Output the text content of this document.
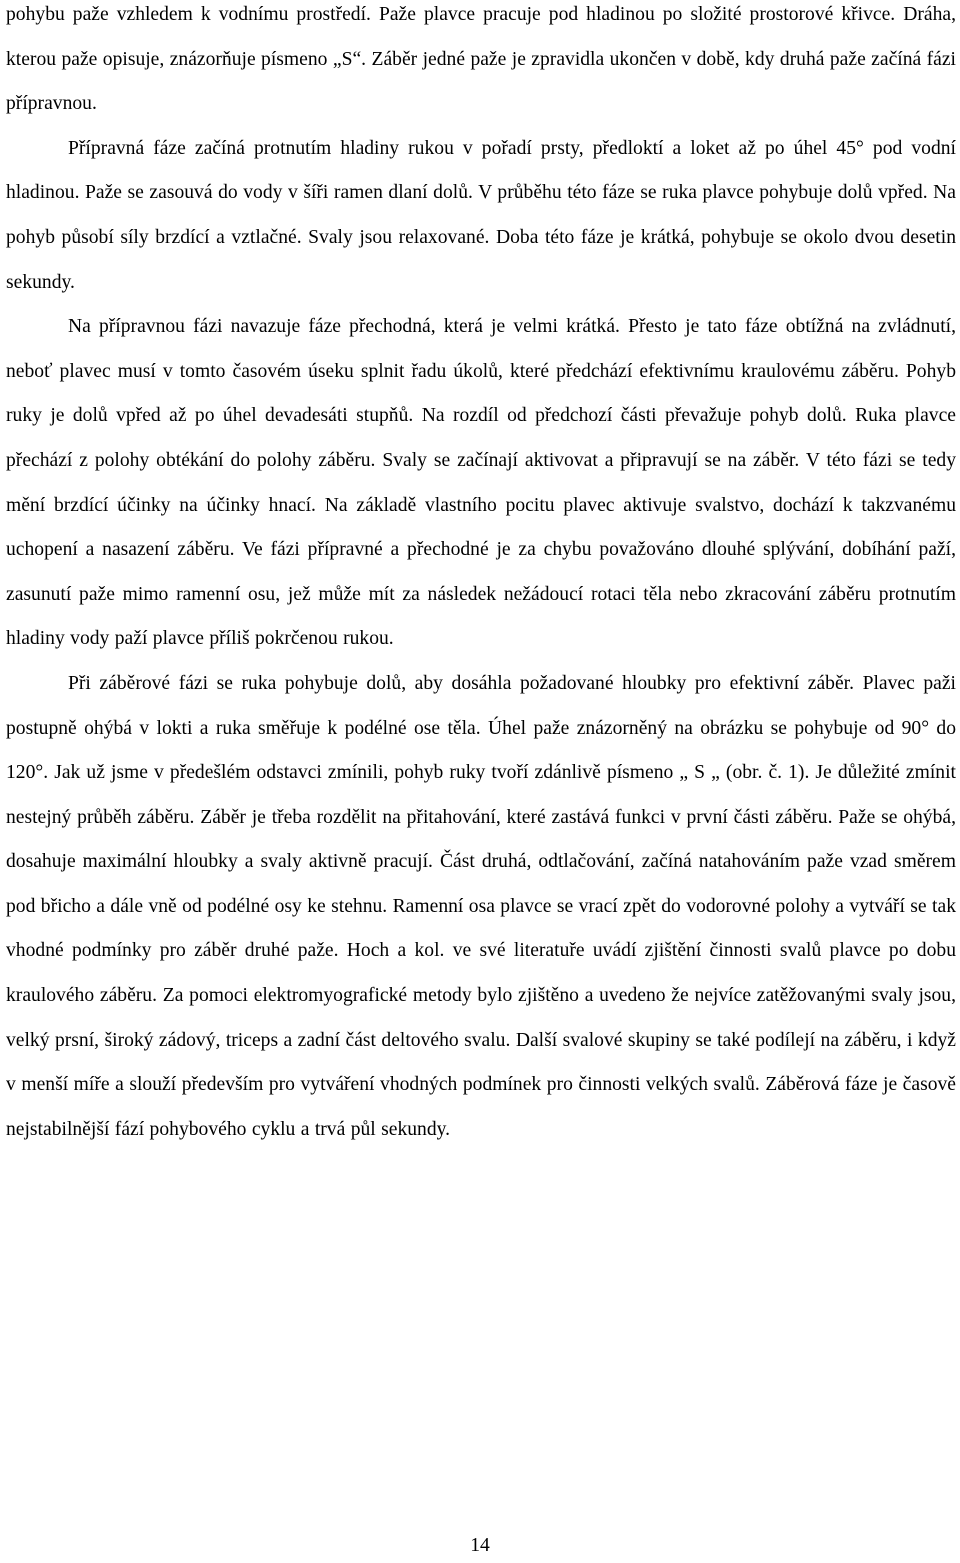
pohybu paže vzhledem k vodnímu prostředí. Paže plavce pracuje pod hladinou po složité prostorové křivce. Dráha, kterou paže opisuje, znázorňuje písmeno „S“. Záběr jedné paže je zpravidla ukončen v době, kdy druhá paže začíná fázi přípravnou.

Přípravná fáze začíná protnutím hladiny rukou v pořadí prsty, předloktí a loket až po úhel 45° pod vodní hladinou. Paže se zasouvá do vody v šíři ramen dlaní dolů. V průběhu této fáze se ruka plavce pohybuje dolů vpřed. Na pohyb působí síly brzdící a vztlačné. Svaly jsou relaxované. Doba této fáze je krátká, pohybuje se okolo dvou desetin sekundy.

Na přípravnou fázi navazuje fáze přechodná, která je velmi krátká. Přesto je tato fáze obtížná na zvládnutí, neboť plavec musí v tomto časovém úseku splnit řadu úkolů, které předchází efektivnímu kraulovému záběru. Pohyb ruky je dolů vpřed až po úhel devadesáti stupňů. Na rozdíl od předchozí části převažuje pohyb dolů. Ruka plavce přechází z polohy obtékání do polohy záběru. Svaly se začínají aktivovat a připravují se na záběr. V této fázi se tedy mění brzdící účinky na účinky hnací. Na základě vlastního pocitu plavec aktivuje svalstvo, dochází k takzvanému uchopení a nasazení záběru. Ve fázi přípravné a přechodné je za chybu považováno dlouhé splývání, dobíhání paží, zasunutí paže mimo ramenní osu, jež může mít za následek nežádoucí rotaci těla nebo zkracování záběru protnutím hladiny vody paží plavce příliš pokrčenou rukou.

Při záběrové fázi se ruka pohybuje dolů, aby dosáhla požadované hloubky pro efektivní záběr. Plavec paži postupně ohýbá v lokti a ruka směřuje k podélné ose těla. Úhel paže znázorněný na obrázku se pohybuje od 90° do 120°. Jak už jsme v předešlém odstavci zmínili, pohyb ruky tvoří zdánlivě písmeno „ S „ (obr. č. 1). Je důležité zmínit nestejný průběh záběru. Záběr je třeba rozdělit na přitahování, které zastává funkci v první části záběru. Paže se ohýbá, dosahuje maximální hloubky a svaly aktivně pracují. Část druhá, odtlačování, začíná natahováním paže vzad směrem pod břicho a dále vně od podélné osy ke stehnu. Ramenní osa plavce se vrací zpět do vodorovné polohy a vytváří se tak vhodné podmínky pro záběr druhé paže. Hoch a kol. ve své literatuře uvádí zjištění činnosti svalů plavce po dobu kraulového záběru. Za pomoci elektromyografické metody bylo zjištěno a uvedeno že nejvíce zatěžovanými svaly jsou, velký prsní, široký zádový, triceps a zadní část deltového svalu. Další svalové skupiny se také podílejí na záběru, i když v menší míře a slouží především pro vytváření vhodných podmínek pro činnosti velkých svalů. Záběrová fáze je časově nejstabilnější fází pohybového cyklu a trvá půl sekundy.

14
